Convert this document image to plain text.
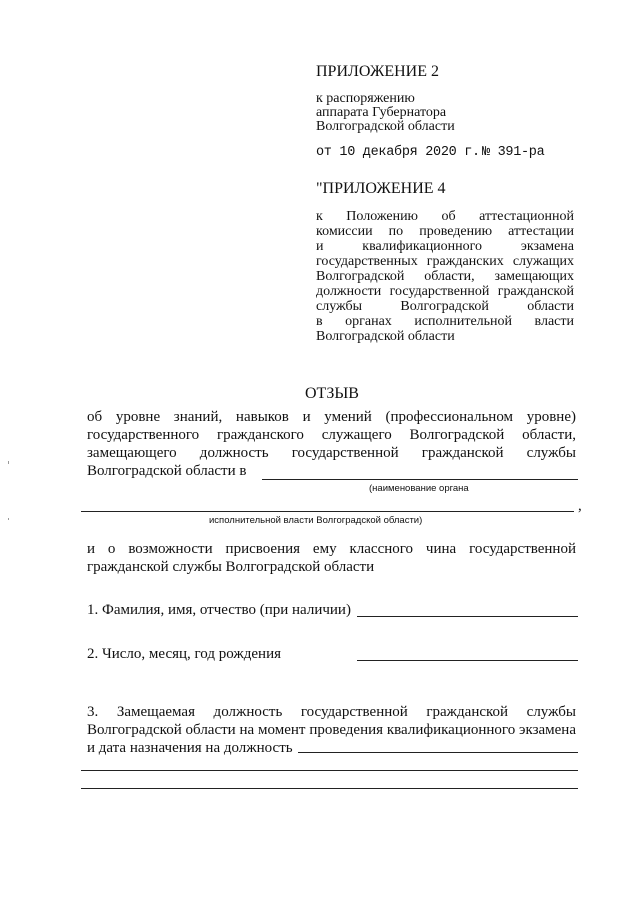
ПРИЛОЖЕНИЕ 2
к распоряжению
аппарата Губернатора
Волгоградской области
от 10 декабря 2020 г. № 391-ра
"ПРИЛОЖЕНИЕ 4
к Положению об аттестационной
комиссии по проведению аттестации
и квалификационного экзамена
государственных гражданских служащих
Волгоградской области, замещающих
должности государственной гражданской
службы Волгоградской области
в органах исполнительной власти
Волгоградской области
ОТЗЫВ
об уровне знаний, навыков и умений (профессиональном уровне)
государственного гражданского служащего Волгоградской области,
замещающего должность государственной гражданской службы
Волгоградской области в
(наименование органа
,
исполнительной власти Волгоградской области)
и о возможности присвоения ему классного чина государственной
гражданской службы Волгоградской области
1. Фамилия, имя, отчество (при наличии)
2. Число, месяц, год рождения
3. Замещаемая должность государственной гражданской службы
Волгоградской области на момент проведения квалификационного экзамена
и дата назначения на должность
